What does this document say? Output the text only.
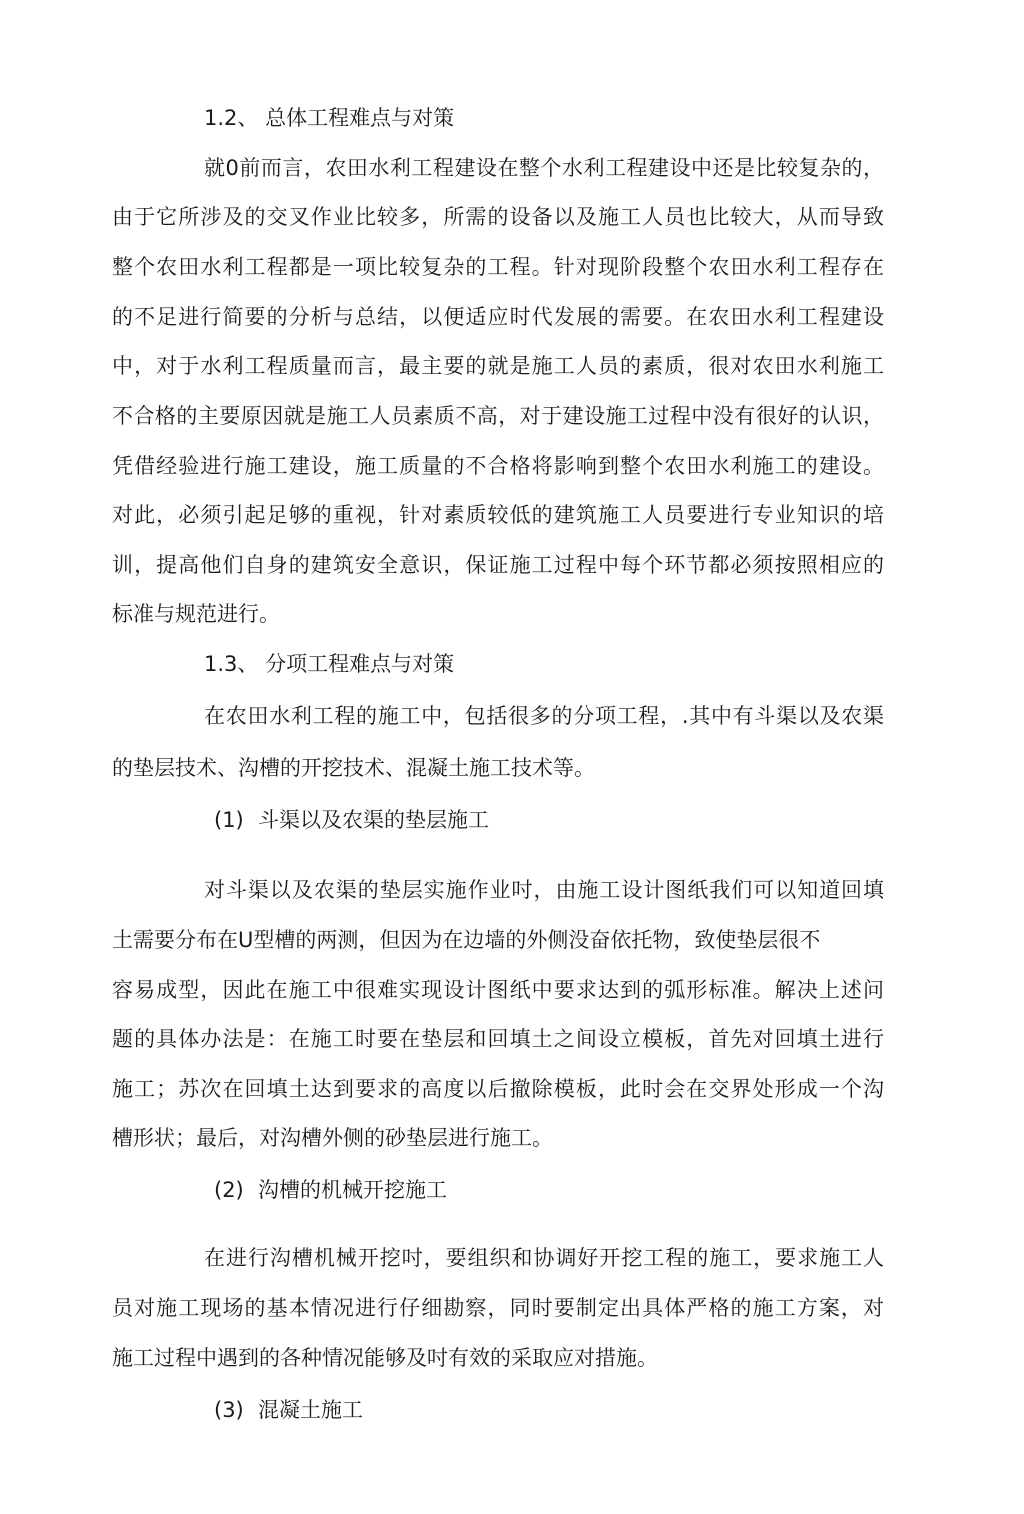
1.2、 总体工程难点与对策
就0前而言，农田水利工程建设在整个水利工程建设中还是比较复杂的，
由于它所涉及的交叉作业比较多，所需的设备以及施工人员也比较大，从而导致
整个农田水利工程都是一项比较复杂的工程。针对现阶段整个农田水利工程存在
的不足进行简要的分析与总结，以便适应时代发展的需要。在农田水利工程建设
中，对于水利工程质量而言，最主要的就是施工人员的素质，很对农田水利施工
不合格的主要原因就是施工人员素质不高，对于建设施工过程中没有很好的认识，
凭借经验进行施工建设，施工质量的不合格将影响到整个农田水利施工的建设。
对此，必须引起足够的重视，针对素质较低的建筑施工人员要进行专业知识的培
训，提高他们自身的建筑安全意识，保证施工过程中每个环节都必须按照相应的
标准与规范进行。
1.3、 分项工程难点与对策
在农田水利工程的施工中，包括很多的分项工程，.其中有斗渠以及农渠
的垫层技术、沟槽的开挖技术、混凝土施工技术等。
(1) 斗渠以及农渠的垫层施工
对斗渠以及农渠的垫层实施作业吋，由施工设计图纸我们可以知道回填
土需要分布在U型槽的两测，但因为在边墙的外侧没奋依托物，致使垫层很不
容易成型，因此在施工中很难实现设计图纸中要求达到的弧形标准。解决上述问
题的具体办法是：在施工时要在垫层和回填土之间设立模板，首先对回填土进行
施工；苏次在回填土达到要求的高度以后撤除模板，此时会在交界处形成一个沟
槽形状；最后，对沟槽外侧的砂垫层进行施工。
(2) 沟槽的机械开挖施工
在进行沟槽机械开挖吋，要组织和协调好开挖工程的施工，要求施工人
员对施工现场的基本情况进行仔细勘察，同时要制定出具体严格的施工方案，对
施工过程中遇到的各种情况能够及吋有效的采取应对措施。
(3) 混凝土施工
